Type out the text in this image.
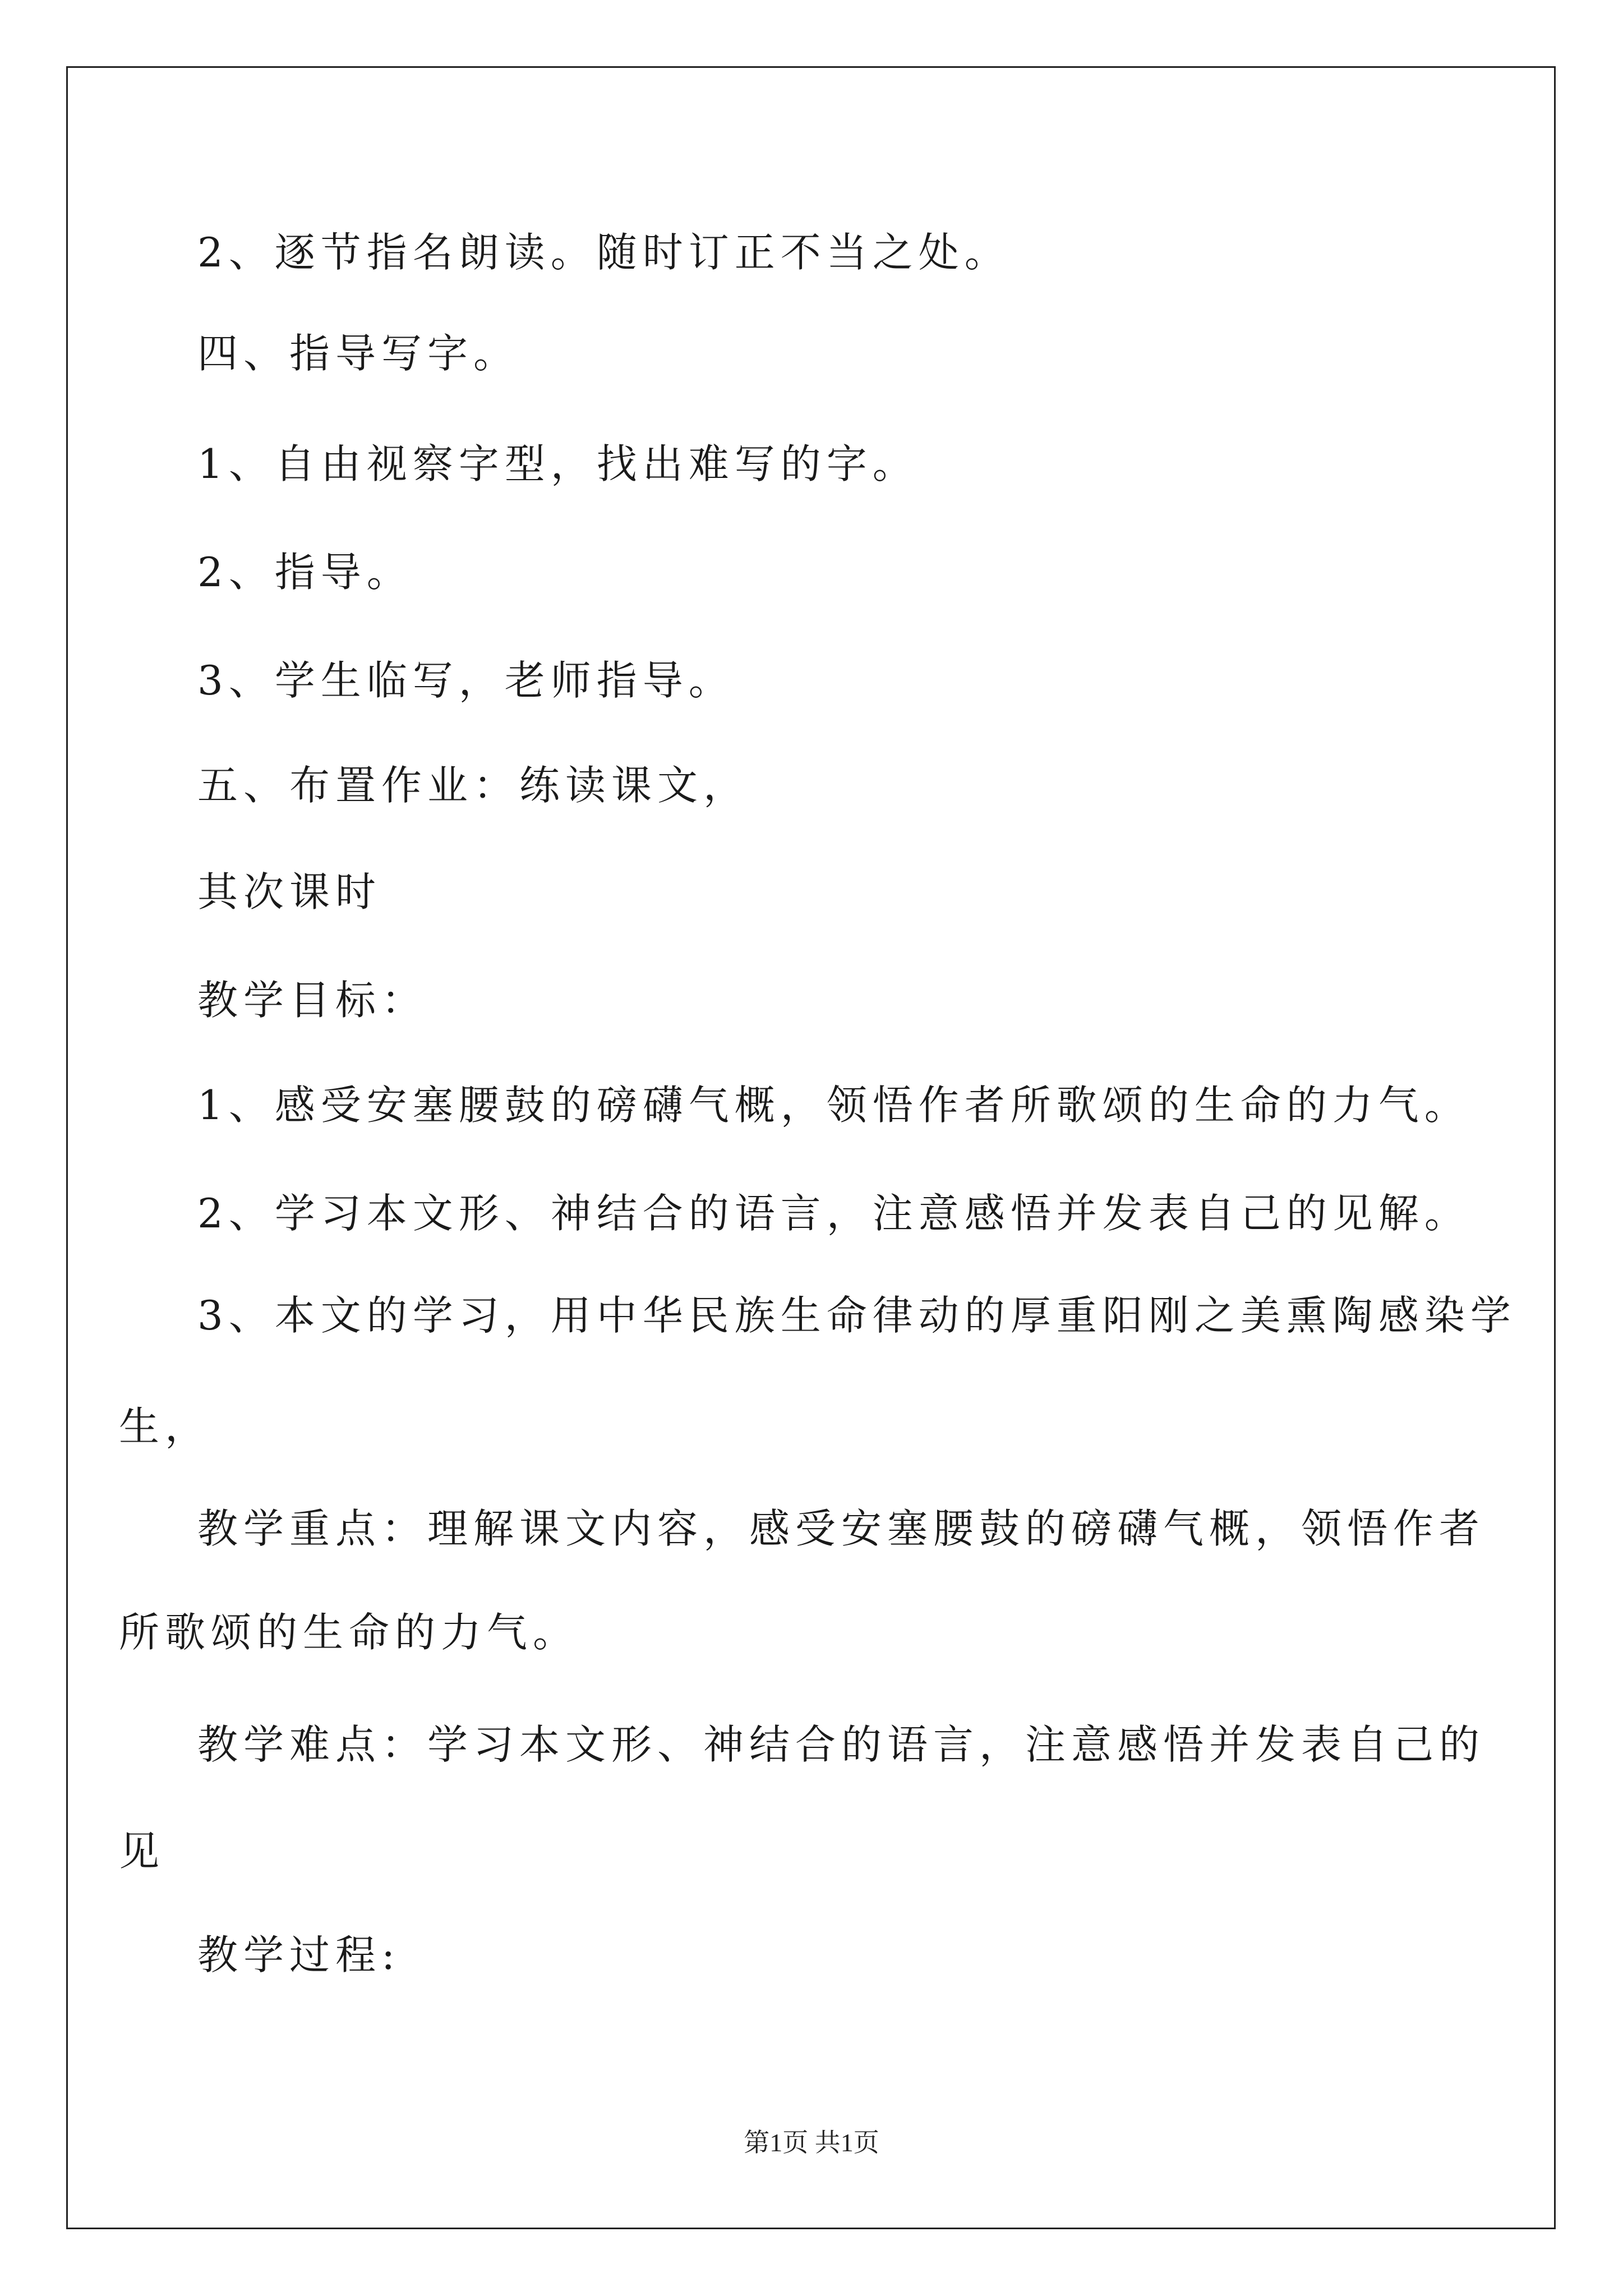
2、逐节指名朗读。随时订正不当之处。
四、指导写字。
1、自由视察字型，找出难写的字。
2、指导。
3、学生临写，老师指导。
五、布置作业：练读课文，
其次课时
教学目标：
1、感受安塞腰鼓的磅礴气概，领悟作者所歌颂的生命的力气。
2、学习本文形、神结合的语言，注意感悟并发表自己的见解。
3、本文的学习，用中华民族生命律动的厚重阳刚之美熏陶感染学
生，
教学重点：理解课文内容，感受安塞腰鼓的磅礴气概，领悟作者
所歌颂的生命的力气。
教学难点：学习本文形、神结合的语言，注意感悟并发表自己的
见
教学过程:
第1页 共1页
